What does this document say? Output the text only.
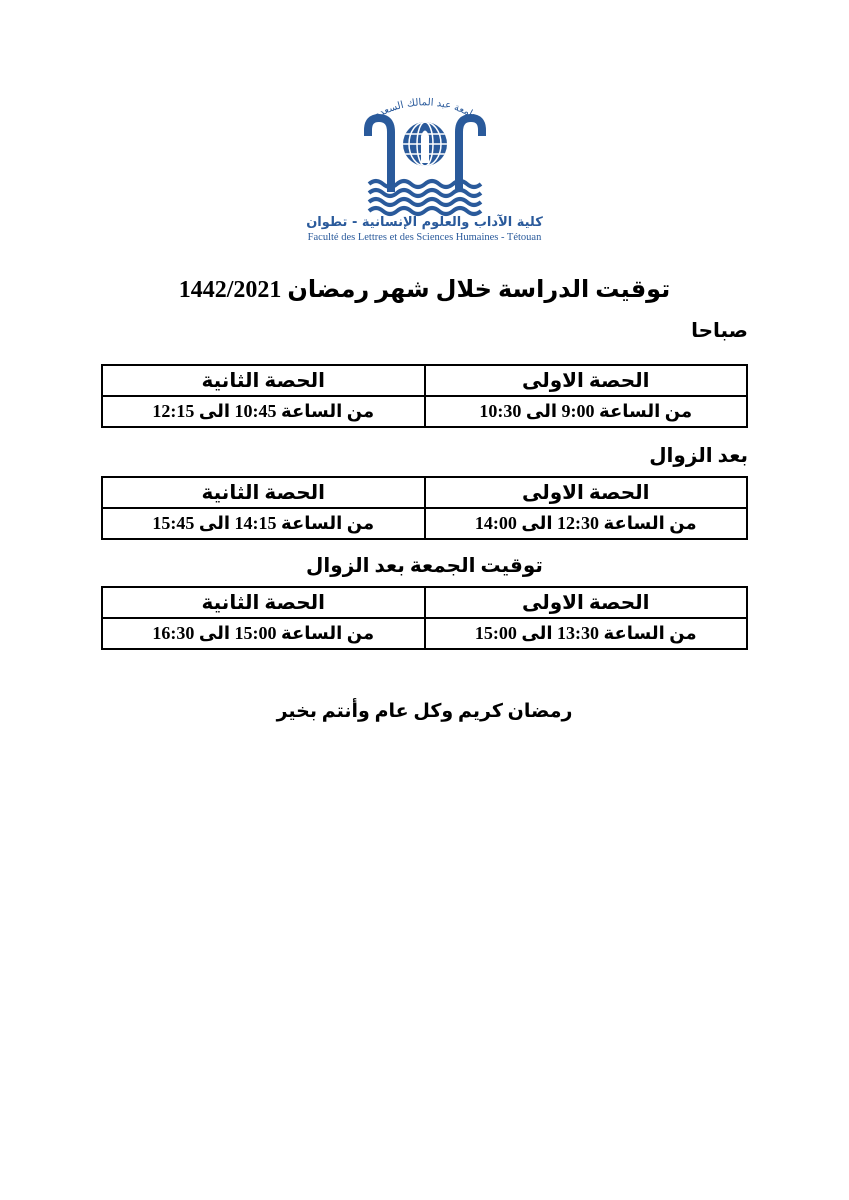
جامعة عبد المالك السعدي
كلية الآداب والعلوم الإنسانية - تطوان
Faculté des Lettres et des Sciences Humaines - Tétouan
توقيت الدراسة خلال شهر رمضان 1442/2021
صباحا
الحصة الاولى	الحصة الثانية
من الساعة 9:00 الى 10:30	من الساعة 10:45 الى 12:15
بعد الزوال
الحصة الاولى	الحصة الثانية
من الساعة 12:30 الى 14:00	من الساعة 14:15 الى 15:45
توقيت الجمعة بعد الزوال
الحصة الاولى	الحصة الثانية
من الساعة 13:30 الى 15:00	من الساعة 15:00 الى 16:30
رمضان كريم وكل عام وأنتم بخير
